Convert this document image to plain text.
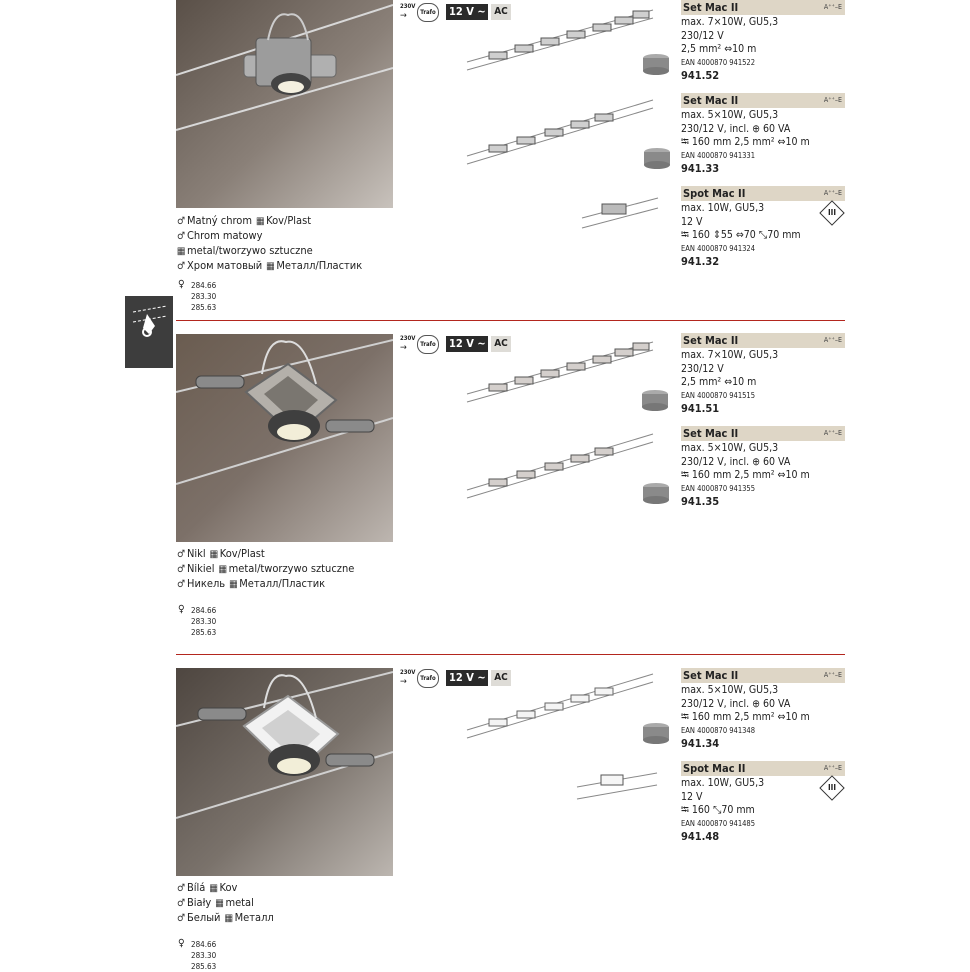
♂ Matný chrom ▦ Kov/Plast
♂ Chrom matowy
▦ metal/tworzywo sztuczne
♂ Хром матовый ▦ Металл/Пластик
♀ 284.66
283.30
285.63
230V
→	Trafo	12 V ∼ AC	Set Mac II	A⁺⁺–E
max. 7×10W, GU5,3
230/12 V
2,5 mm² ⇔10 m
EAN 4000870 941522
941.52
Set Mac II	A⁺⁺–E
max. 5×10W, GU5,3
230/12 V, incl. ⊕ 60 VA
⭾ 160 mm 2,5 mm² ⇔10 m
EAN 4000870 941331
941.33
Spot Mac II	A⁺⁺–E
III
max. 10W, GU5,3
12 V
⭾ 160 ⇕55 ⇔70 ⤡70 mm
EAN 4000870 941324
941.32
♂ Nikl ▦ Kov/Plast
♂ Nikiel ▦ metal/tworzywo sztuczne
♂ Никель ▦ Металл/Пластик
♀ 284.66
283.30
285.63
230V
→	Trafo	12 V ∼ AC	Set Mac II	A⁺⁺–E
max. 7×10W, GU5,3
230/12 V
2,5 mm² ⇔10 m
EAN 4000870 941515
941.51
Set Mac II	A⁺⁺–E
max. 5×10W, GU5,3
230/12 V, incl. ⊕ 60 VA
⭾ 160 mm 2,5 mm² ⇔10 m
EAN 4000870 941355
941.35
♂ Bílá ▦ Kov
♂ Biały ▦ metal
♂ Белый ▦ Металл
♀ 284.66
283.30
285.63
230V
→	Trafo	12 V ∼ AC	Set Mac II	A⁺⁺–E
max. 5×10W, GU5,3
230/12 V, incl. ⊕ 60 VA
⭾ 160 mm 2,5 mm² ⇔10 m
EAN 4000870 941348
941.34
Spot Mac II	A⁺⁺–E
III
max. 10W, GU5,3
12 V
⭾ 160 ⤡70 mm
EAN 4000870 941485
941.48
